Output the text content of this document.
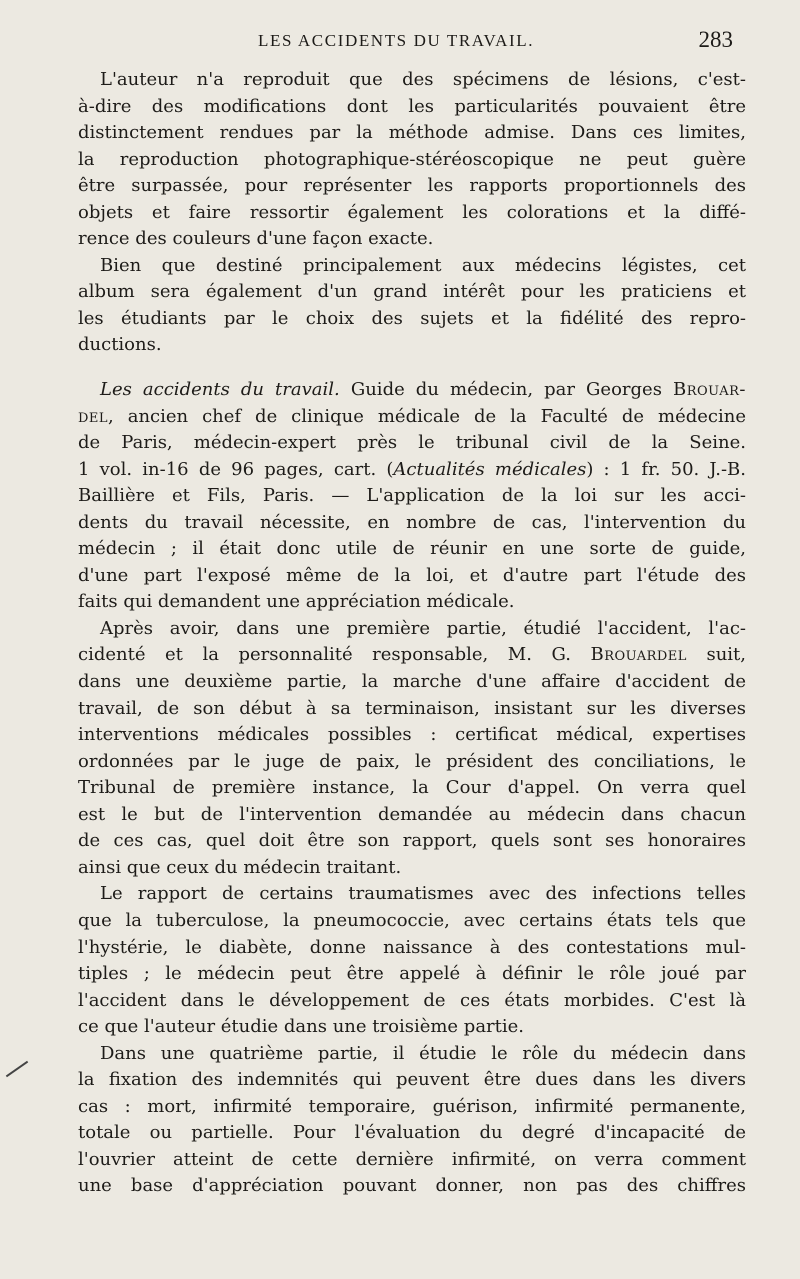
LES ACCIDENTS DU TRAVAIL.	283
L'auteur n'a reproduit que des spécimens de lésions, c'est-
à-dire des modifications dont les particularités pouvaient être
distinctement rendues par la méthode admise. Dans ces limites,
la reproduction photographique-stéréoscopique ne peut guère
être surpassée, pour représenter les rapports proportionnels des
objets et faire ressortir également les colorations et la diffé-
rence des couleurs d'une façon exacte.
Bien que destiné principalement aux médecins légistes, cet
album sera également d'un grand intérêt pour les praticiens et
les étudiants par le choix des sujets et la fidélité des repro-
ductions.
Les accidents du travail. Guide du médecin, par Georges Brouar-
del, ancien chef de clinique médicale de la Faculté de médecine
de Paris, médecin-expert près le tribunal civil de la Seine.
1 vol. in-16 de 96 pages, cart. (Actualités médicales) : 1 fr. 50. J.-B.
Baillière et Fils, Paris. — L'application de la loi sur les acci-
dents du travail nécessite, en nombre de cas, l'intervention du
médecin ; il était donc utile de réunir en une sorte de guide,
d'une part l'exposé même de la loi, et d'autre part l'étude des
faits qui demandent une appréciation médicale.
Après avoir, dans une première partie, étudié l'accident, l'ac-
cidenté et la personnalité responsable, M. G. Brouardel suit,
dans une deuxième partie, la marche d'une affaire d'accident de
travail, de son début à sa terminaison, insistant sur les diverses
interventions médicales possibles : certificat médical, expertises
ordonnées par le juge de paix, le président des conciliations, le
Tribunal de première instance, la Cour d'appel. On verra quel
est le but de l'intervention demandée au médecin dans chacun
de ces cas, quel doit être son rapport, quels sont ses honoraires
ainsi que ceux du médecin traitant.
Le rapport de certains traumatismes avec des infections telles
que la tuberculose, la pneumococcie, avec certains états tels que
l'hystérie, le diabète, donne naissance à des contestations mul-
tiples ; le médecin peut être appelé à définir le rôle joué par
l'accident dans le développement de ces états morbides. C'est là
ce que l'auteur étudie dans une troisième partie.
Dans une quatrième partie, il étudie le rôle du médecin dans
la fixation des indemnités qui peuvent être dues dans les divers
cas : mort, infirmité temporaire, guérison, infirmité permanente,
totale ou partielle. Pour l'évaluation du degré d'incapacité de
l'ouvrier atteint de cette dernière infirmité, on verra comment
une base d'appréciation pouvant donner, non pas des chiffres
